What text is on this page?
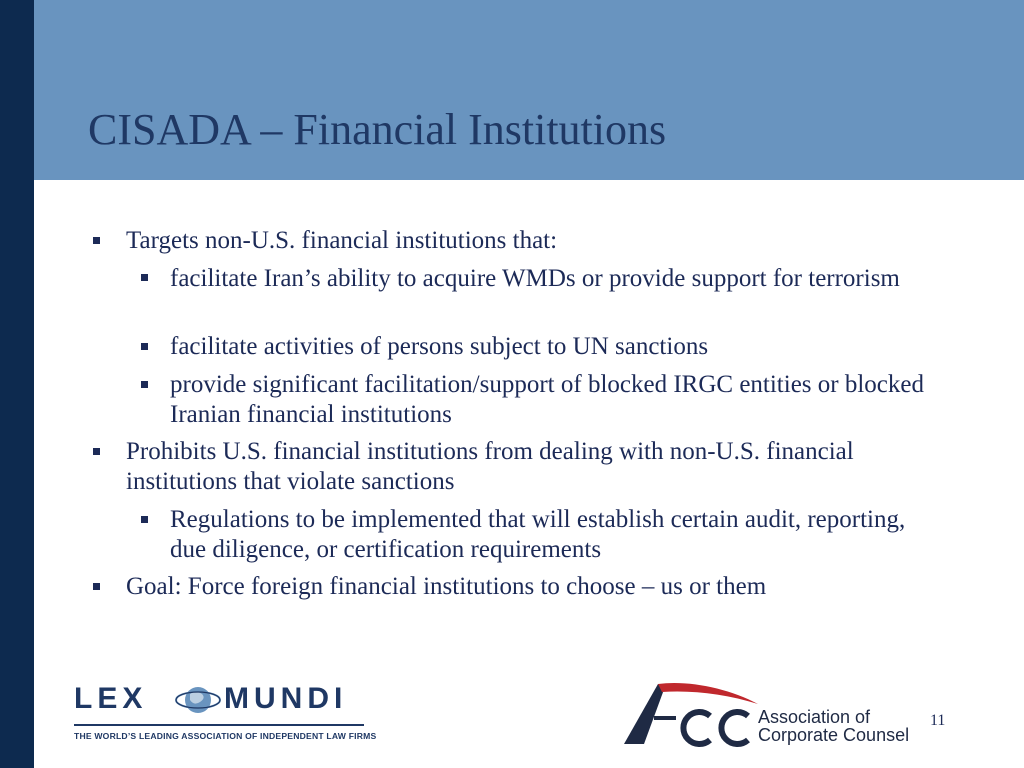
CISADA – Financial Institutions
Targets non-U.S. financial institutions that:
facilitate Iran’s ability to acquire WMDs or provide support for terrorism
facilitate activities of persons subject to UN sanctions
provide significant facilitation/support of blocked IRGC entities or blocked Iranian financial institutions
Prohibits U.S. financial institutions from dealing with non-U.S. financial institutions that violate sanctions
Regulations to be implemented that will establish certain audit, reporting, due diligence, or certification requirements
Goal: Force foreign financial institutions to choose – us or them
LEX	MUNDI
THE WORLD’S LEADING ASSOCIATION OF INDEPENDENT LAW FIRMS
Association of
Corporate Counsel
11
